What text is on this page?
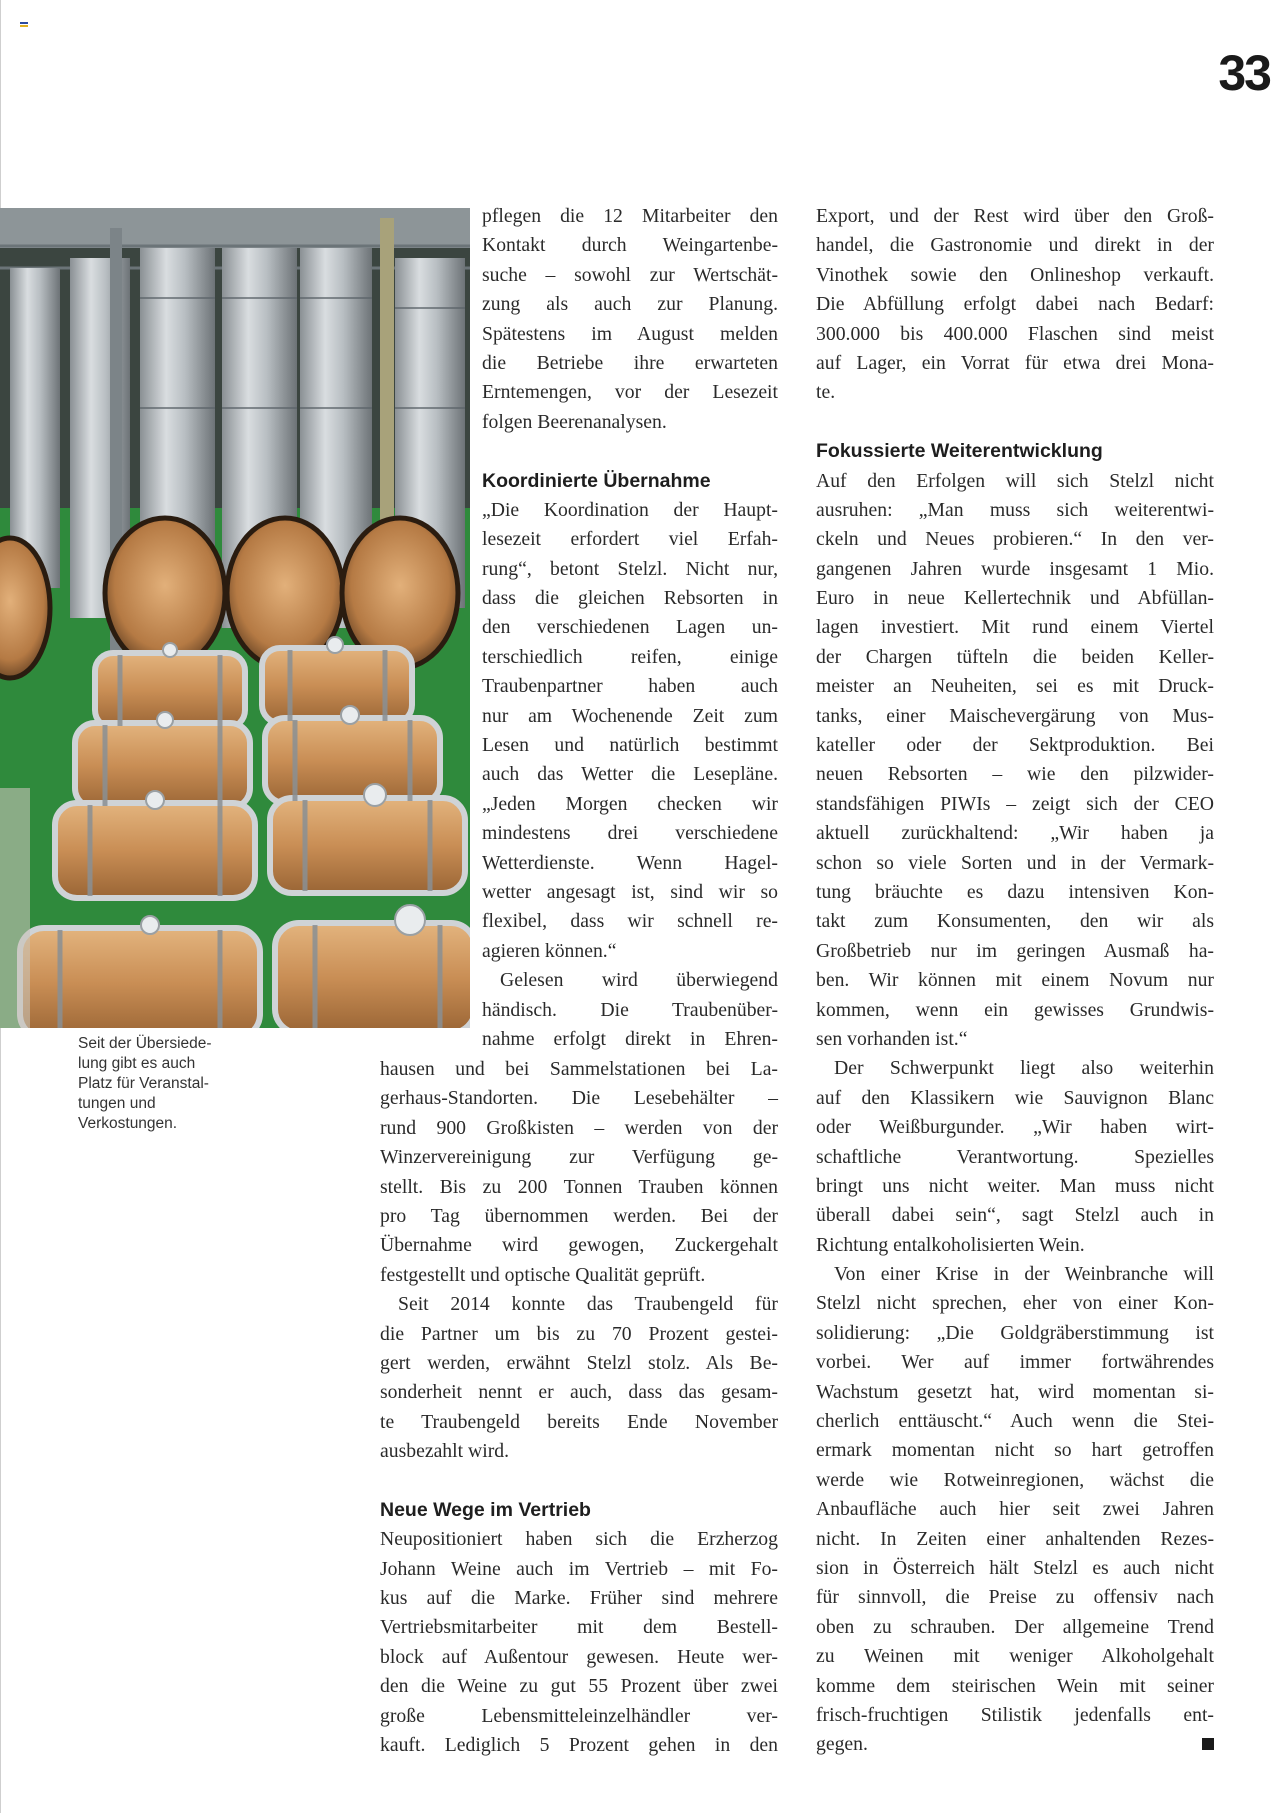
33
Seit der Übersiede-
lung gibt es auch
Platz für Veranstal-
tungen und
Verkostungen.
pflegen die 12 Mitarbeiter den
Kontakt durch Weingartenbe-
suche – sowohl zur Wertschät-
zung als auch zur Planung.
Spätestens im August melden
die Betriebe ihre erwarteten
Erntemengen, vor der Lesezeit
folgen Beerenanalysen.
Koordinierte Übernahme
„Die Koordination der Haupt-
lesezeit erfordert viel Erfah-
rung“, betont Stelzl. Nicht nur,
dass die gleichen Rebsorten in
den verschiedenen Lagen un-
terschiedlich reifen, einige
Traubenpartner haben auch
nur am Wochenende Zeit zum
Lesen und natürlich bestimmt
auch das Wetter die Lesepläne.
„Jeden Morgen checken wir
mindestens drei verschiedene
Wetterdienste. Wenn Hagel-
wetter angesagt ist, sind wir so
flexibel, dass wir schnell re-
agieren können.“
Gelesen wird überwiegend
händisch. Die Traubenüber-
nahme erfolgt direkt in Ehren-
hausen und bei Sammelstationen bei La-
gerhaus-Standorten. Die Lesebehälter –
rund 900 Großkisten – werden von der
Winzervereinigung zur Verfügung ge-
stellt. Bis zu 200 Tonnen Trauben können
pro Tag übernommen werden. Bei der
Übernahme wird gewogen, Zuckergehalt
festgestellt und optische Qualität geprüft.
Seit 2014 konnte das Traubengeld für
die Partner um bis zu 70 Prozent gestei-
gert werden, erwähnt Stelzl stolz. Als Be-
sonderheit nennt er auch, dass das gesam-
te Traubengeld bereits Ende November
ausbezahlt wird.
Neue Wege im Vertrieb
Neupositioniert haben sich die Erzherzog
Johann Weine auch im Vertrieb – mit Fo-
kus auf die Marke. Früher sind mehrere
Vertriebsmitarbeiter mit dem Bestell-
block auf Außentour gewesen. Heute wer-
den die Weine zu gut 55 Prozent über zwei
große Lebensmitteleinzelhändler ver-
kauft. Lediglich 5 Prozent gehen in den
Export, und der Rest wird über den Groß-
handel, die Gastronomie und direkt in der
Vinothek sowie den Onlineshop verkauft.
Die Abfüllung erfolgt dabei nach Bedarf:
300.000 bis 400.000 Flaschen sind meist
auf Lager, ein Vorrat für etwa drei Mona-
te.
Fokussierte Weiterentwicklung
Auf den Erfolgen will sich Stelzl nicht
ausruhen: „Man muss sich weiterentwi-
ckeln und Neues probieren.“ In den ver-
gangenen Jahren wurde insgesamt 1 Mio.
Euro in neue Kellertechnik und Abfüllan-
lagen investiert. Mit rund einem Viertel
der Chargen tüfteln die beiden Keller-
meister an Neuheiten, sei es mit Druck-
tanks, einer Maischevergärung von Mus-
kateller oder der Sektproduktion. Bei
neuen Rebsorten – wie den pilzwider-
standsfähigen PIWIs – zeigt sich der CEO
aktuell zurückhaltend: „Wir haben ja
schon so viele Sorten und in der Vermark-
tung bräuchte es dazu intensiven Kon-
takt zum Konsumenten, den wir als
Großbetrieb nur im geringen Ausmaß ha-
ben. Wir können mit einem Novum nur
kommen, wenn ein gewisses Grundwis-
sen vorhanden ist.“
Der Schwerpunkt liegt also weiterhin
auf den Klassikern wie Sauvignon Blanc
oder Weißburgunder. „Wir haben wirt-
schaftliche Verantwortung. Spezielles
bringt uns nicht weiter. Man muss nicht
überall dabei sein“, sagt Stelzl auch in
Richtung entalkoholisierten Wein.
Von einer Krise in der Weinbranche will
Stelzl nicht sprechen, eher von einer Kon-
solidierung: „Die Goldgräberstimmung ist
vorbei. Wer auf immer fortwährendes
Wachstum gesetzt hat, wird momentan si-
cherlich enttäuscht.“ Auch wenn die Stei-
ermark momentan nicht so hart getroffen
werde wie Rotweinregionen, wächst die
Anbaufläche auch hier seit zwei Jahren
nicht. In Zeiten einer anhaltenden Rezes-
sion in Österreich hält Stelzl es auch nicht
für sinnvoll, die Preise zu offensiv nach
oben zu schrauben. Der allgemeine Trend
zu Weinen mit weniger Alkoholgehalt
komme dem steirischen Wein mit seiner
frisch-fruchtigen Stilistik jedenfalls ent-
gegen.
